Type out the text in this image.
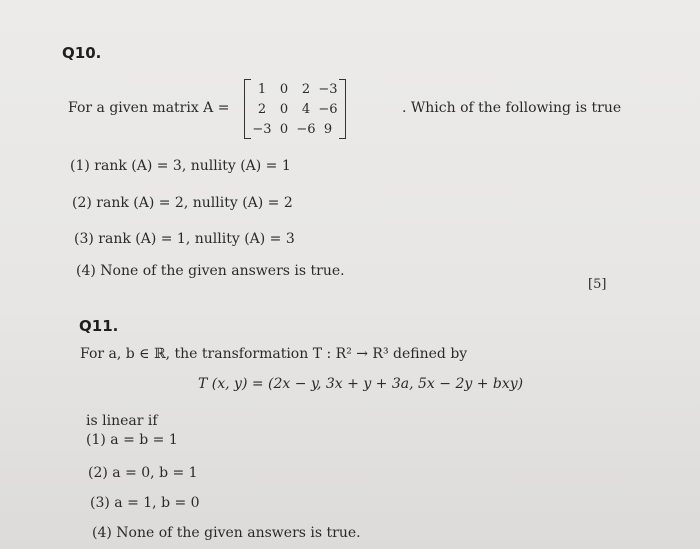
Q10.
For a given matrix A =
1	0	2	−3
2	0	4	−6
−3	0	−6	9
. Which of the following is true
(1) rank (A) = 3, nullity (A) = 1
(2) rank (A) = 2, nullity (A) = 2
(3) rank (A) = 1, nullity (A) = 3
(4) None of the given answers is true.
[5]
Q11.
For a, b ∈ ℝ, the transformation T : R² → R³ defined by
T (x, y) = (2x − y, 3x + y + 3a, 5x − 2y + bxy)
is linear if
(1) a = b = 1
(2) a = 0, b = 1
(3) a = 1, b = 0
(4) None of the given answers is true.
